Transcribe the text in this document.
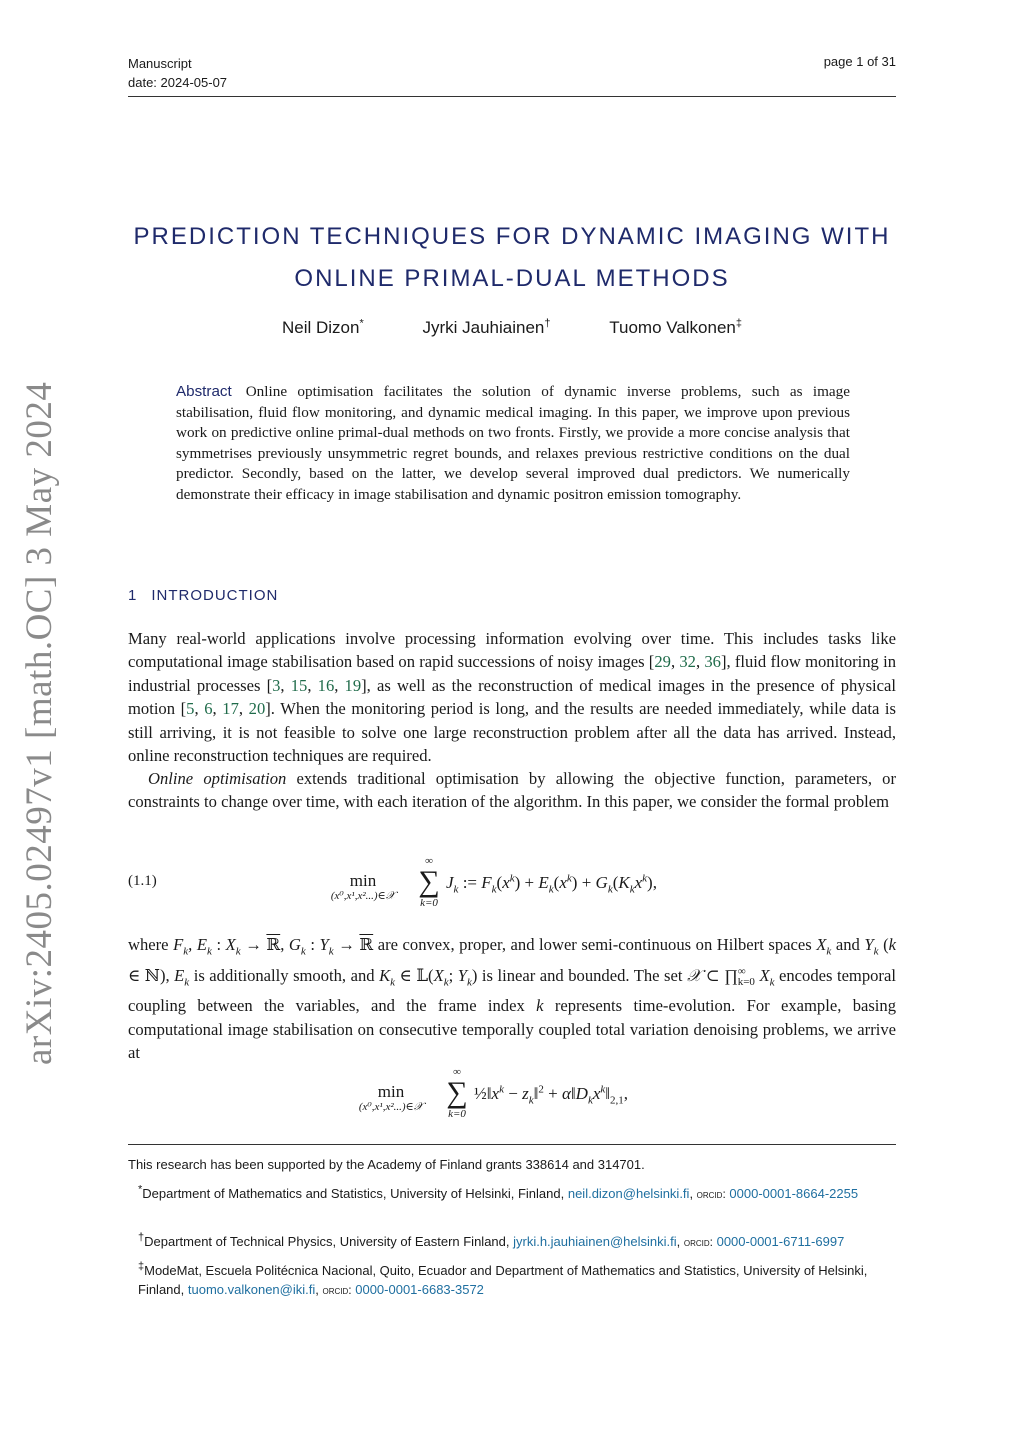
Manuscript
date: 2024-05-07
page 1 of 31
arXiv:2405.02497v1 [math.OC] 3 May 2024
PREDICTION TECHNIQUES FOR DYNAMIC IMAGING WITH
ONLINE PRIMAL-DUAL METHODS
Neil Dizon*	Jyrki Jauhiainen†	Tuomo Valkonen‡
Abstract Online optimisation facilitates the solution of dynamic inverse problems, such as image stabilisation, fluid flow monitoring, and dynamic medical imaging. In this paper, we improve upon previous work on predictive online primal-dual methods on two fronts. Firstly, we provide a more concise analysis that symmetrises previously unsymmetric regret bounds, and relaxes previous restrictive conditions on the dual predictor. Secondly, based on the latter, we develop several improved dual predictors. We numerically demonstrate their efficacy in image stabilisation and dynamic positron emission tomography.
1 INTRODUCTION
Many real-world applications involve processing information evolving over time. This includes tasks like computational image stabilisation based on rapid successions of noisy images [29, 32, 36], fluid flow monitoring in industrial processes [3, 15, 16, 19], as well as the reconstruction of medical images in the presence of physical motion [5, 6, 17, 20]. When the monitoring period is long, and the results are needed immediately, while data is still arriving, it is not feasible to solve one large reconstruction problem after all the data has arrived. Instead, online reconstruction techniques are required.
Online optimisation extends traditional optimisation by allowing the objective function, parameters, or constraints to change over time, with each iteration of the algorithm. In this paper, we consider the formal problem
(1.1)	min
(x⁰,x¹,x²...)∈𝒳
∞
∑
k=0
$J_k$ := $F_k(x^k) + E_k(x^k) + G_k(K_kx^k)$,
where $F_k$, $E_k$ : $X_k$ → ℝ, $G_k$ : $Y_k$ → ℝ are convex, proper, and lower semi-continuous on Hilbert spaces $X_k$ and $Y_k$ (k ∈ ℕ), $E_k$ is additionally smooth, and $K_k$ ∈ $𝕃(X_k$; $Y_k$) is linear and bounded. The set 𝒳 ⊂ $\prod^\infty_{k=0}$ $X_k$ encodes temporal coupling between the variables, and the frame index k represents time-evolution. For example, basing computational image stabilisation on consecutive temporally coupled total variation denoising problems, we arrive at
min
(x⁰,x¹,x²...)∈𝒳
∞
∑
k=0
$\frac{1}{2}‖x^k$ − $z_k‖^2$ + $\alpha‖D_kx^k‖_{2,1}$,
This research has been supported by the Academy of Finland grants 338614 and 314701.
*Department of Mathematics and Statistics, University of Helsinki, Finland, neil.dizon@helsinki.fi, orcid: 0000-0001-8664-2255
†Department of Technical Physics, University of Eastern Finland, jyrki.h.jauhiainen@helsinki.fi, orcid: 0000-0001-6711-6997
‡ModeMat, Escuela Politécnica Nacional, Quito, Ecuador and Department of Mathematics and Statistics, University of Helsinki, Finland, tuomo.valkonen@iki.fi, orcid: 0000-0001-6683-3572
